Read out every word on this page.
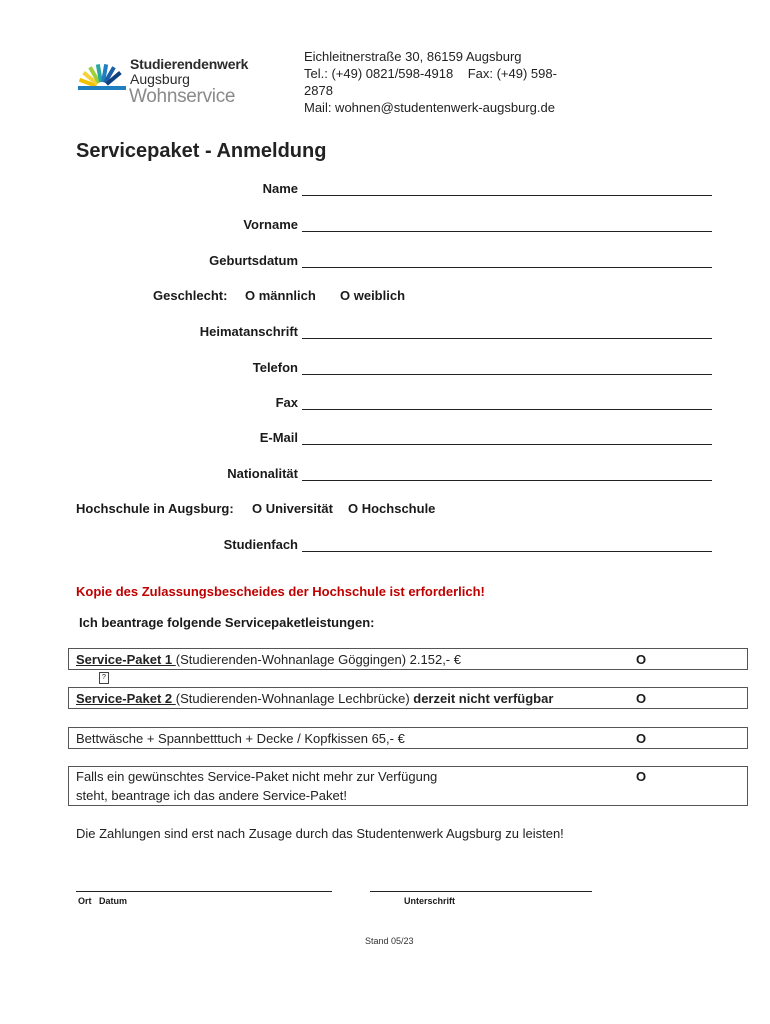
Studierendenwerk
Augsburg
Wohnservice
Eichleitnerstraße 30, 86159 Augsburg
Tel.: (+49) 0821/598-4918    Fax: (+49) 598-
2878
Mail: wohnen@studentenwerk-augsburg.de
Servicepaket - Anmeldung
Name
Vorname
Geburtsdatum
Geschlecht: O männlich O weiblich
Heimatanschrift
Telefon
Fax
E-Mail
Nationalität
Hochschule in Augsburg: O Universität O Hochschule
Studienfach
Kopie des Zulassungsbescheides der Hochschule ist erforderlich!
Ich beantrage folgende Servicepaketleistungen:
Service-Paket 1 (Studierenden-Wohnanlage Göggingen) 2.152,- €	O
?
Service-Paket 2 (Studierenden-Wohnanlage Lechbrücke) derzeit nicht verfügbar	O
Bettwäsche + Spannbetttuch + Decke / Kopfkissen 65,- €	O
Falls ein gewünschtes Service-Paket nicht mehr zur Verfügung
steht, beantrage ich das andere Service-Paket!
O
Die Zahlungen sind erst nach Zusage durch das Studentenwerk Augsburg zu leisten!
Ort   Datum	Unterschrift
Stand 05/23
